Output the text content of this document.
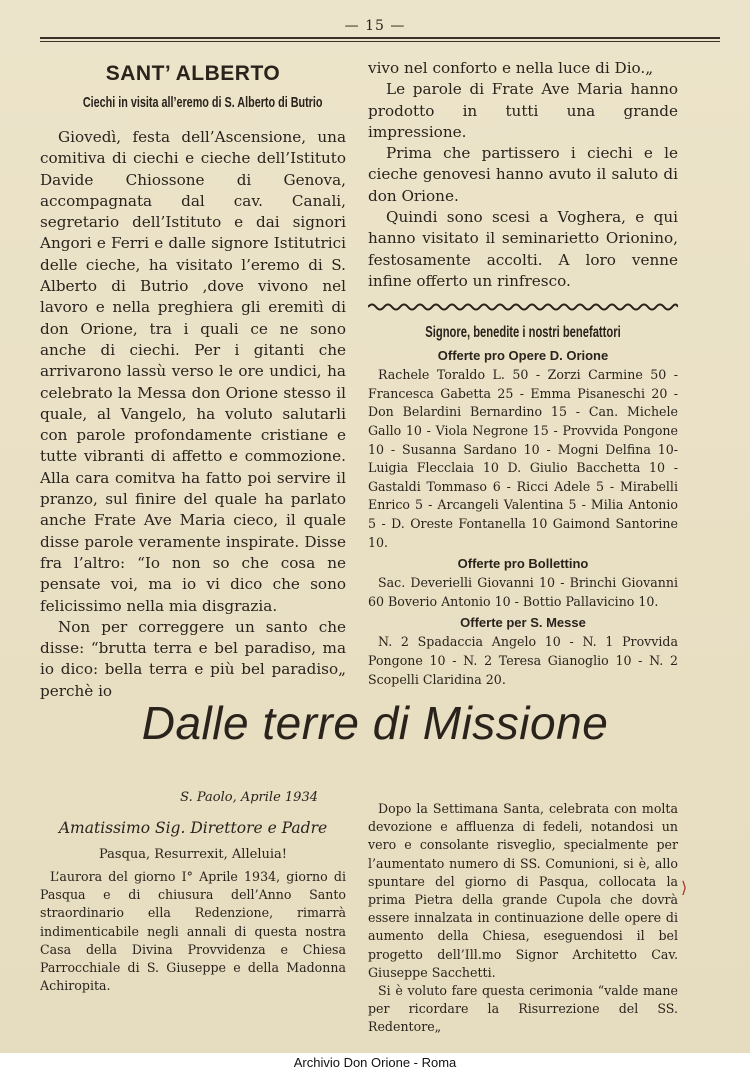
— 15 —
SANT’ ALBERTO
Ciechi in visita all’eremo di S. Alberto di Butrio

Giovedì, festa dell’Ascensione, una comitiva di ciechi e cieche dell’Istituto Davide Chiossone di Genova, accompagnata dal cav. Canali, segretario dell’Istituto e dai signori Angori e Ferri e dalle signore Istitutrici delle cieche, ha visitato l’eremo di S. Alberto di Butrio ,dove vivono nel lavoro e nella preghiera gli eremitì di don Orione, tra i quali ce ne sono anche di ciechi. Per i gitanti che arrivarono lassù verso le ore undici, ha celebrato la Messa don Orione stesso il quale, al Vangelo, ha voluto salutarli con parole profondamente cristiane e tutte vibranti di affetto e commozione. Alla cara comitva ha fatto poi servire il pranzo, sul finire del quale ha parlato anche Frate Ave Maria cieco, il quale disse parole veramente inspirate. Disse fra l’altro: “Io non so che cosa ne pensate voi, ma io vi dico che sono felicissimo nella mia disgrazia.

Non per correggere un santo che disse: “brutta terra e bel paradiso, ma io dico: bella terra e più bel paradiso„ perchè io

vivo nel conforto e nella luce di Dio.„

Le parole di Frate Ave Maria hanno prodotto in tutti una grande impressione.

Prima che partissero i ciechi e le cieche genovesi hanno avuto il saluto di don Orione.

Quindi sono scesi a Voghera, e qui hanno visitato il seminarietto Orionino, festosamente accolti. A loro venne infine offerto un rinfresco.

Signore, benedite i nostri benefattori
Offerte pro Opere D. Orione

Rachele Toraldo L. 50 - Zorzi Carmine 50 - Francesca Gabetta 25 - Emma Pisaneschi 20 - Don Belardini Bernardino 15 - Can. Michele Gallo 10 - Viola Negrone 15 - Provvida Pongone 10 - Susanna Sardano 10 - Mogni Delfina 10- Luigia Flecclaia 10 D. Giulio Bacchetta 10 - Gastaldi Tommaso 6 - Ricci Adele 5 - Mirabelli Enrico 5 - Arcangeli Valentina 5 - Milia Antonio 5 - D. Oreste Fontanella 10 Gaimond Santorine 10.

Offerte pro Bollettino

Sac. Deverielli Giovanni 10 - Brinchi Giovanni 60 Boverio Antonio 10 - Bottio Pallavicino 10.

Offerte per S. Messe

N. 2 Spadaccia Angelo 10 - N. 1 Provvida Pongone 10 - N. 2 Teresa Gianoglio 10 - N. 2 Scopelli Claridina 20.

Dalle terre di Missione
S. Paolo, Aprile 1934
Amatissimo Sig. Direttore e Padre
Pasqua, Resurrexit, Alleluia!

L’aurora del giorno I° Aprile 1934, giorno di Pasqua e di chiusura dell’Anno Santo straordinario ella Redenzione, rimarrà indimenticabile negli annali di questa nostra Casa della Divina Provvidenza e Chiesa Parrocchiale di S. Giuseppe e della Madonna Achiropita.

Dopo la Settimana Santa, celebrata con molta devozione e affluenza di fedeli, notandosi un vero e consolante risveglio, specialmente per l’aumentato numero di SS. Comunioni, si è, allo spuntare del giorno di Pasqua, collocata la prima Pietra della grande Cupola che dovrà essere innalzata in continuazione delle opere di aumento della Chiesa, eseguendosi il bel progetto dell’Ill.mo Signor Architetto Cav. Giuseppe Sacchetti.

Si è voluto fare questa cerimonia “valde mane per ricordare la Risurrezione del SS. Redentore„

⟩
Archivio Don Orione - Roma
